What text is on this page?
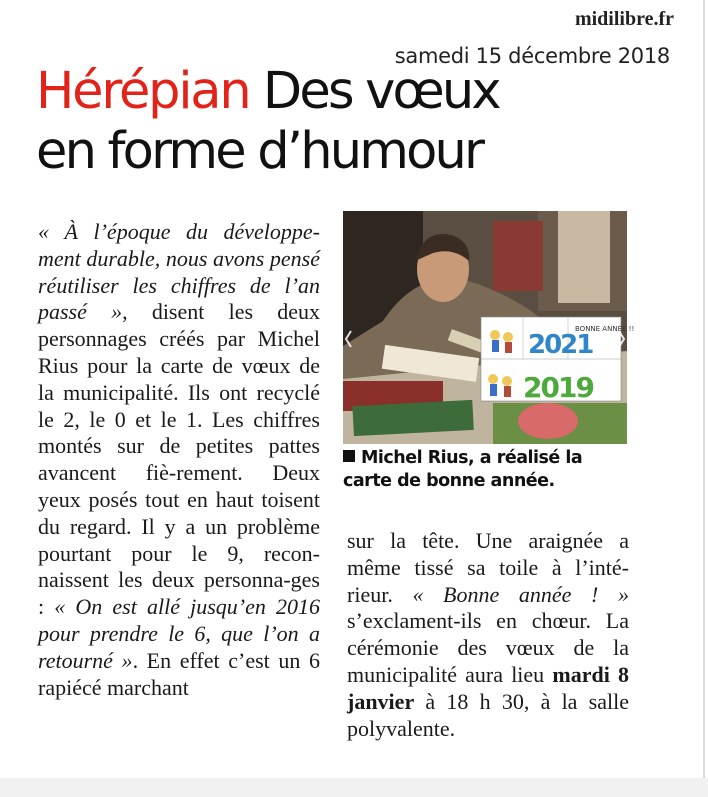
midilibre.fr
samedi 15 décembre 2018
Hérépian Des vœux
en forme d’humour

« À l’époque du développe-ment durable, nous avons pensé réutiliser les chiffres de l’an passé », disent les deux personnages créés par Michel Rius pour la carte de vœux de la municipalité. Ils ont recyclé le 2, le 0 et le 1. Les chiffres montés sur de petites pattes avancent fiè-rement. Deux yeux posés tout en haut toisent du regard. Il y a un problème pourtant pour le 9, recon-naissent les deux personna-ges : « On est allé jusqu’en 2016 pour prendre le 6, que l’on a retourné ». En effet c’est un 6 rapiécé marchant

BONNE ANNÉE !!
2021
2019
Michel Rius, a réalisé la carte de bonne année.

sur la tête. Une araignée a même tissé sa toile à l’inté-rieur. « Bonne année ! » s’exclament-ils en chœur. La cérémonie des vœux de la municipalité aura lieu mardi 8 janvier à 18 h 30, à la salle polyvalente.
